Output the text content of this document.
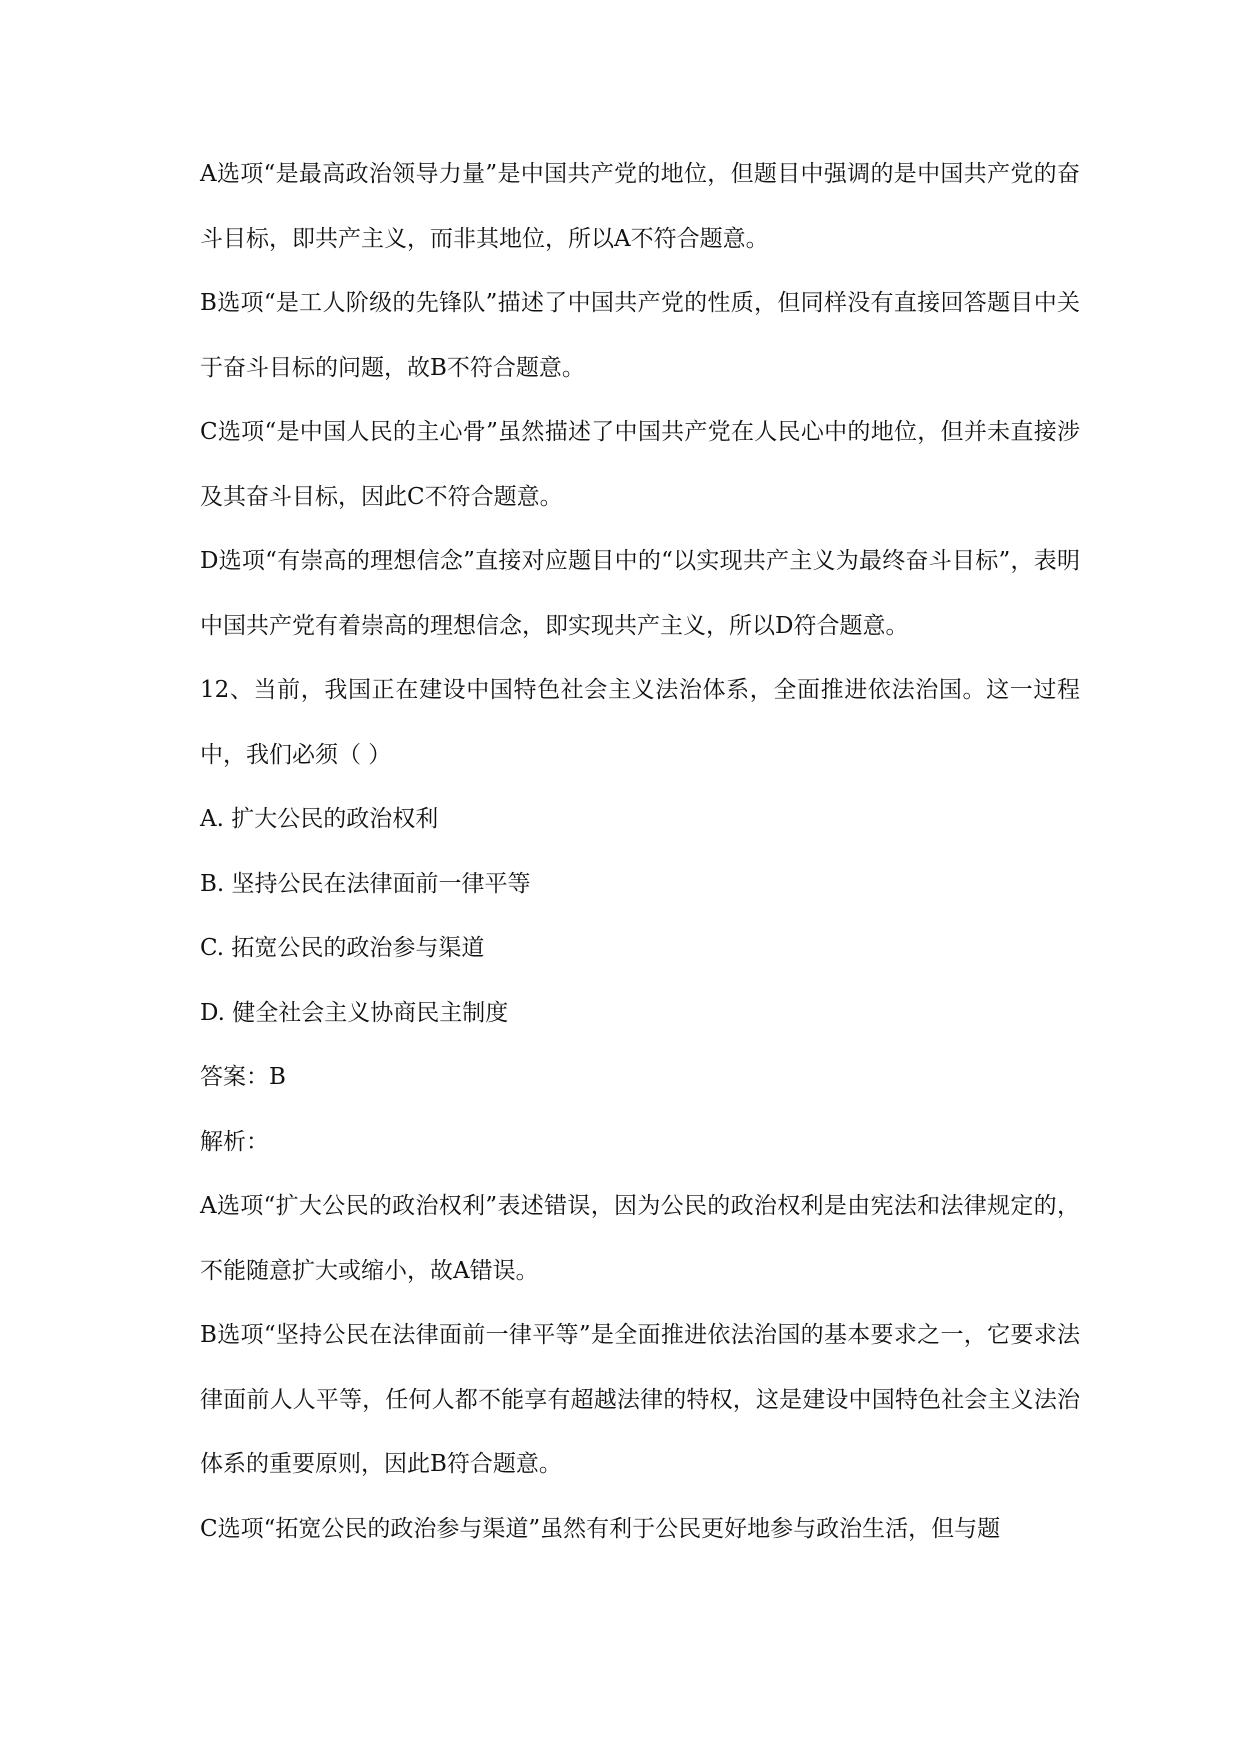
A选项“是最高政治领导力量”是中国共产党的地位，但题目中强调的是中国共产党的奋斗目标，即共产主义，而非其地位，所以A不符合题意。

B选项“是工人阶级的先锋队”描述了中国共产党的性质，但同样没有直接回答题目中关于奋斗目标的问题，故B不符合题意。

C选项“是中国人民的主心骨”虽然描述了中国共产党在人民心中的地位，但并未直接涉及其奋斗目标，因此C不符合题意。

D选项“有崇高的理想信念”直接对应题目中的“以实现共产主义为最终奋斗目标”，表明中国共产党有着崇高的理想信念，即实现共产主义，所以D符合题意。

12、当前，我国正在建设中国特色社会主义法治体系，全面推进依法治国。这一过程中，我们必须（ ）

A. 扩大公民的政治权利

B. 坚持公民在法律面前一律平等

C. 拓宽公民的政治参与渠道

D. 健全社会主义协商民主制度

答案：B

解析：

A选项“扩大公民的政治权利”表述错误，因为公民的政治权利是由宪法和法律规定的，不能随意扩大或缩小，故A错误。

B选项“坚持公民在法律面前一律平等”是全面推进依法治国的基本要求之一，它要求法律面前人人平等，任何人都不能享有超越法律的特权，这是建设中国特色社会主义法治体系的重要原则，因此B符合题意。

C选项“拓宽公民的政治参与渠道”虽然有利于公民更好地参与政治生活，但与题
